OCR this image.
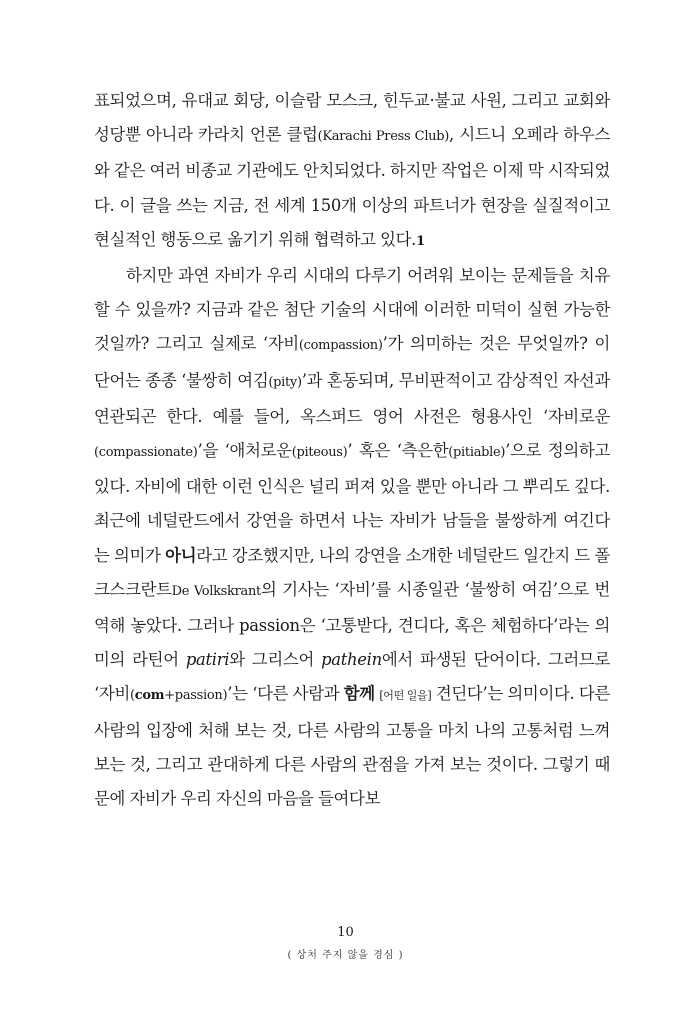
표되었으며, 유대교 회당, 이슬람 모스크, 힌두교·불교 사원, 그리고 교회와 성당뿐 아니라 카라치 언론 클럽(Karachi Press Club), 시드니 오페라 하우스와 같은 여러 비종교 기관에도 안치되었다. 하지만 작업은 이제 막 시작되었다. 이 글을 쓰는 지금, 전 세계 150개 이상의 파트너가 현장을 실질적이고 현실적인 행동으로 옮기기 위해 협력하고 있다.1

하지만 과연 자비가 우리 시대의 다루기 어려워 보이는 문제들을 치유할 수 있을까? 지금과 같은 첨단 기술의 시대에 이러한 미덕이 실현 가능한 것일까? 그리고 실제로 ‘자비(compassion)’가 의미하는 것은 무엇일까? 이 단어는 종종 ‘불쌍히 여김(pity)’과 혼동되며, 무비판적이고 감상적인 자선과 연관되곤 한다. 예를 들어, 옥스퍼드 영어 사전은 형용사인 ‘자비로운(compassionate)’을 ‘애처로운(piteous)’ 혹은 ‘측은한(pitiable)’으로 정의하고 있다. 자비에 대한 이런 인식은 널리 퍼져 있을 뿐만 아니라 그 뿌리도 깊다. 최근에 네덜란드에서 강연을 하면서 나는 자비가 남들을 불쌍하게 여긴다는 의미가 아니라고 강조했지만, 나의 강연을 소개한 네덜란드 일간지 드 폴크스크란트De Volkskrant의 기사는 ‘자비’를 시종일관 ‘불쌍히 여김’으로 번역해 놓았다. 그러나 passion은 ‘고통받다, 견디다, 혹은 체험하다’라는 의미의 라틴어 patiri와 그리스어 pathein에서 파생된 단어이다. 그러므로 ‘자비(com+passion)’는 ‘다른 사람과 함께 [어떤 일을] 견딘다’는 의미이다. 다른 사람의 입장에 처해 보는 것, 다른 사람의 고통을 마치 나의 고통처럼 느껴 보는 것, 그리고 관대하게 다른 사람의 관점을 가져 보는 것이다. 그렇기 때문에 자비가 우리 자신의 마음을 들여다보

10
( 상처 주지 않을 경심 )
